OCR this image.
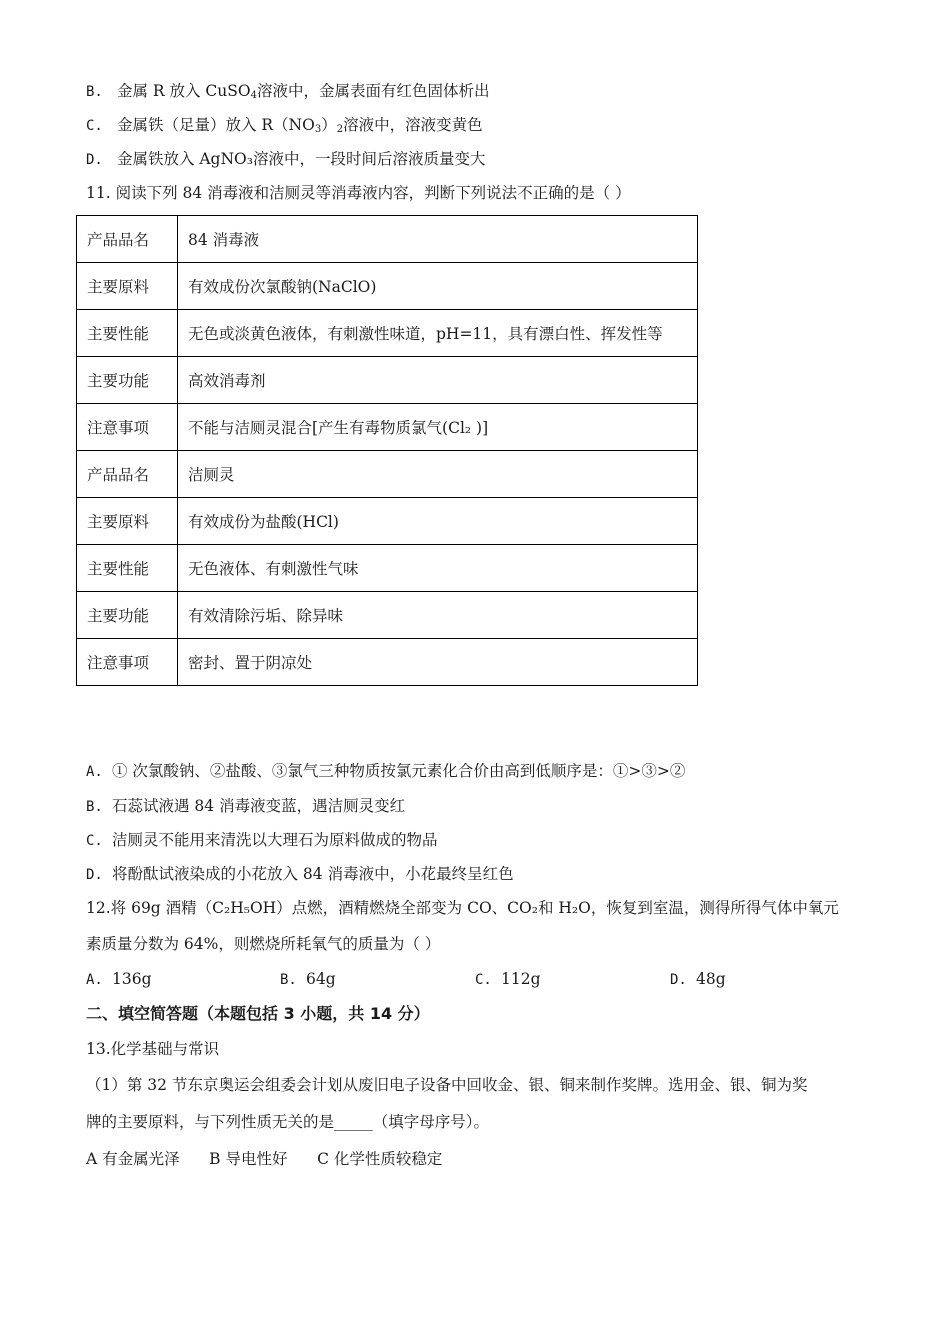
B. 金属 R 放入 CuSO$_4$溶液中，金属表面有红色固体析出
C. 金属铁（足量）放入 $R(NO_3)_2$溶液中，溶液变黄色
D. 金属铁放入 AgNO₃溶液中，一段时间后溶液质量变大
11. 阅读下列 84 消毒液和洁厕灵等消毒液内容，判断下列说法不正确的是（ ）
产品品名	84 消毒液
主要原料	有效成份次氯酸钠(NaClO)
主要性能	无色或淡黄色液体，有刺激性味道，pH=11，具有漂白性、挥发性等
主要功能	高效消毒剂
注意事项	不能与洁厕灵混合[产生有毒物质氯气(Cl₂ )]
产品品名	洁厕灵
主要原料	有效成份为盐酸(HCl)
主要性能	无色液体、有刺激性气味
主要功能	有效清除污垢、除异味
注意事项	密封、置于阴凉处
A. ① 次氯酸钠、②盐酸、③氯气三种物质按氯元素化合价由高到低顺序是：①>③>②
B. 石蕊试液遇 84 消毒液变蓝，遇洁厕灵变红
C. 洁厕灵不能用来清洗以大理石为原料做成的物品
D. 将酚酞试液染成的小花放入 84 消毒液中，小花最终呈红色
12.将 69g 酒精（C₂H₅OH）点燃，酒精燃烧全部变为 CO、CO₂和 H₂O，恢复到室温，测得所得气体中氧元
素质量分数为 64%，则燃烧所耗氧气的质量为（ ）
A. 136g	B. 64g	C. 112g	D. 48g
二、填空简答题（本题包括 3 小题，共 14 分）
13.化学基础与常识
（1）第 32 节东京奥运会组委会计划从废旧电子设备中回收金、银、铜来制作奖牌。选用金、银、铜为奖
牌的主要原料，与下列性质无关的是_____（填字母序号）。
A 有金属光泽      B 导电性好      C 化学性质较稳定
